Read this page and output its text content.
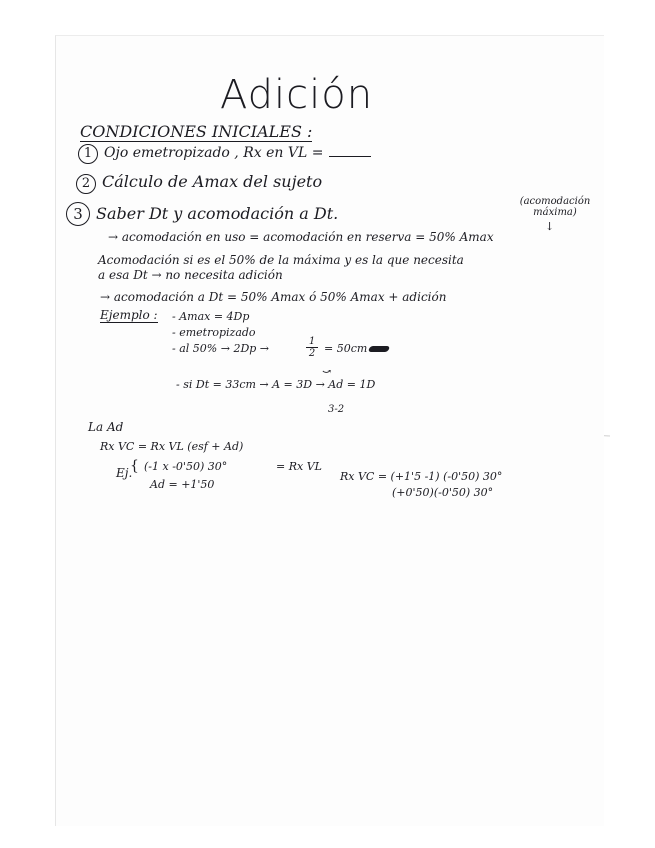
Adición
CONDICIONES INICIALES :
1 Ojo emetropizado , Rx en VL =
2 Cálculo de Amax del sujeto
3 Saber Dt y acomodación a Dt.
(acomodación máxima)
↓
→ acomodación en uso = acomodación en reserva = 50% Amax
Acomodación si es el 50% de la máxima y es la que necesita
a esa Dt → no necesita adición
→ acomodación a Dt = 50% Amax ó 50% Amax + adición
Ejemplo : - Amax = 4Dp
- emetropizado
- al 50% → 2Dp →	$\frac{1}{2} = 50cm$
- si Dt = 33cm → A = 3D → Ad = 1D
⤻
3-2
La Ad
Rx VC = Rx VL (esf + Ad)
Ej.
{ (-1 x -0'50) 30°	= Rx VL
Ad = +1'50
Rx VC = (+1'5 -1) (-0'50) 30°
(+0'50)(-0'50) 30°
